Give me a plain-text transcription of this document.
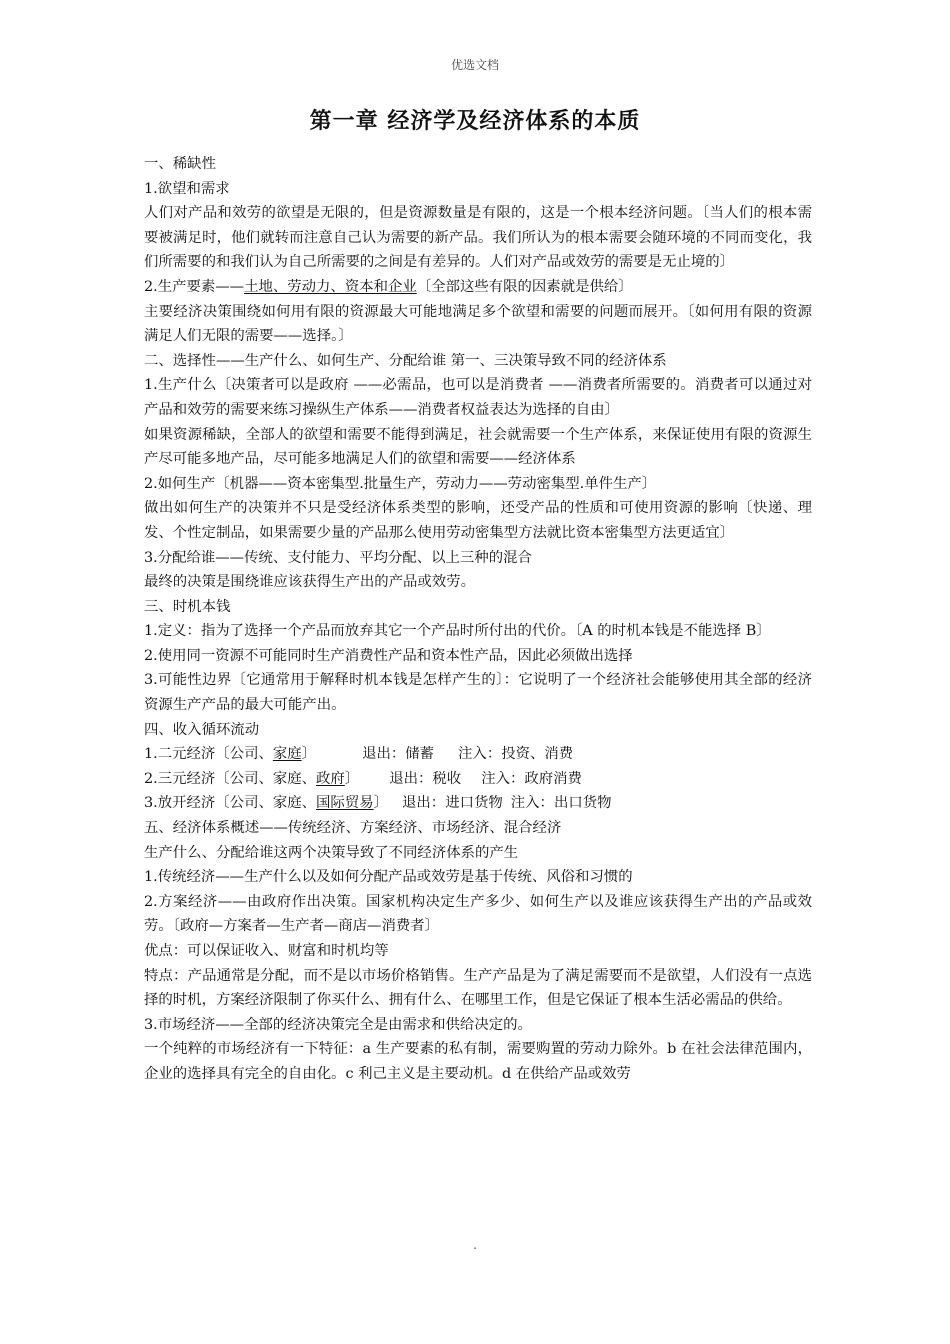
优选文档
第一章 经济学及经济体系的本质

一、稀缺性

1.欲望和需求

人们对产品和效劳的欲望是无限的，但是资源数量是有限的，这是一个根本经济问题。〔当人们的根本需要被满足时，他们就转而注意自己认为需要的新产品。我们所认为的根本需要会随环境的不同而变化，我们所需要的和我们认为自己所需要的之间是有差异的。人们对产品或效劳的需要是无止境的〕

2.生产要素——土地、劳动力、资本和企业〔全部这些有限的因素就是供给〕

主要经济决策围绕如何用有限的资源最大可能地满足多个欲望和需要的问题而展开。〔如何用有限的资源满足人们无限的需要——选择。〕

二、选择性——生产什么、如何生产、分配给谁 第一、三决策导致不同的经济体系

1.生产什么〔决策者可以是政府 ——必需品，也可以是消费者 ——消费者所需要的。消费者可以通过对产品和效劳的需要来练习操纵生产体系——消费者权益表达为选择的自由〕

如果资源稀缺，全部人的欲望和需要不能得到满足，社会就需要一个生产体系，来保证使用有限的资源生产尽可能多地产品，尽可能多地满足人们的欲望和需要——经济体系

2.如何生产〔机器——资本密集型.批量生产，劳动力——劳动密集型.单件生产〕

做出如何生产的决策并不只是受经济体系类型的影响，还受产品的性质和可使用资源的影响〔快递、理发、个性定制品，如果需要少量的产品那么使用劳动密集型方法就比资本密集型方法更适宜〕

3.分配给谁——传统、支付能力、平均分配、以上三种的混合

最终的决策是围绕谁应该获得生产出的产品或效劳。

三、时机本钱

1.定义：指为了选择一个产品而放弃其它一个产品时所付出的代价。〔A 的时机本钱是不能选择 B〕

2.使用同一资源不可能同时生产消费性产品和资本性产品，因此必须做出选择

3.可能性边界〔它通常用于解释时机本钱是怎样产生的〕：它说明了一个经济社会能够使用其全部的经济资源生产产品的最大可能产出。

四、收入循环流动

1.二元经济〔公司、家庭〕	退出：储蓄 注入：投资、消费

2.三元经济〔公司、家庭、政府〕 退出：税收 注入：政府消费

3.放开经济〔公司、家庭、国际贸易〕 退出：进口货物 注入：出口货物

五、经济体系概述——传统经济、方案经济、市场经济、混合经济

生产什么、分配给谁这两个决策导致了不同经济体系的产生

1.传统经济——生产什么以及如何分配产品或效劳是基于传统、风俗和习惯的

2.方案经济——由政府作出决策。国家机构决定生产多少、如何生产以及谁应该获得生产出的产品或效劳。〔政府—方案者—生产者—商店—消费者〕

优点：可以保证收入、财富和时机均等

特点：产品通常是分配，而不是以市场价格销售。生产产品是为了满足需要而不是欲望，人们没有一点选择的时机，方案经济限制了你买什么、拥有什么、在哪里工作，但是它保证了根本生活必需品的供给。

3.市场经济——全部的经济决策完全是由需求和供给决定的。

一个纯粹的市场经济有一下特征：a 生产要素的私有制，需要购置的劳动力除外。b 在社会法律范围内，企业的选择具有完全的自由化。c 利己主义是主要动机。d 在供给产品或效劳

.
